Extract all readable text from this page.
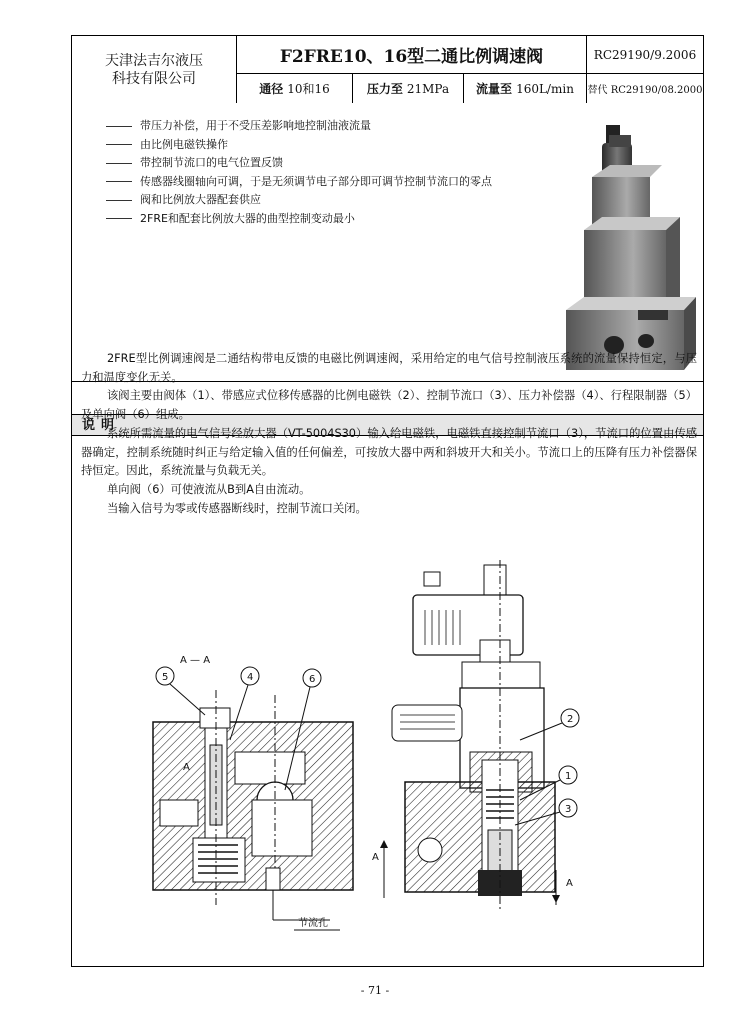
天津法吉尔液压
科技有限公司
F2FRE10、16型二通比例调速阀	RC29190/9.2006
通径 10和16	压力至 21MPa 流量至 160L/min 替代 RC29190/08.2000
带压力补偿，用于不受压差影响地控制油液流量
由比例电磁铁操作
带控制节流口的电气位置反馈
传感器线圈轴向可调，于是无须调节电子部分即可调节控制节流口的零点
阀和比例放大器配套供应
2FRE和配套比例放大器的曲型控制变动最小
说明

2FRE型比例调速阀是二通结构带电反馈的电磁比例调速阀，采用给定的电气信号控制液压系统的流量保持恒定，与压力和温度变化无关。

该阀主要由阀体（1）、带感应式位移传感器的比例电磁铁（2）、控制节流口（3）、压力补偿器（4）、行程限制器（5）及单向阀（6）组成。

系统所需流量的电气信号经放大器（VT-5004S30）输入给电磁铁，电磁铁直接控制节流口（3），节流口的位置由传感器确定，控制系统随时纠正与给定输入值的任何偏差，可按放大器中两和斜坡开大和关小。节流口上的压降有压力补偿器保持恒定。因此，系统流量与负载无关。

单向阀（6）可使液流从B到A自由流动。

当输入信号为零或传感器断线时，控制节流口关闭。

A — A
5	4	6
A
节流孔
2
1
3
A
A
- 71 -
